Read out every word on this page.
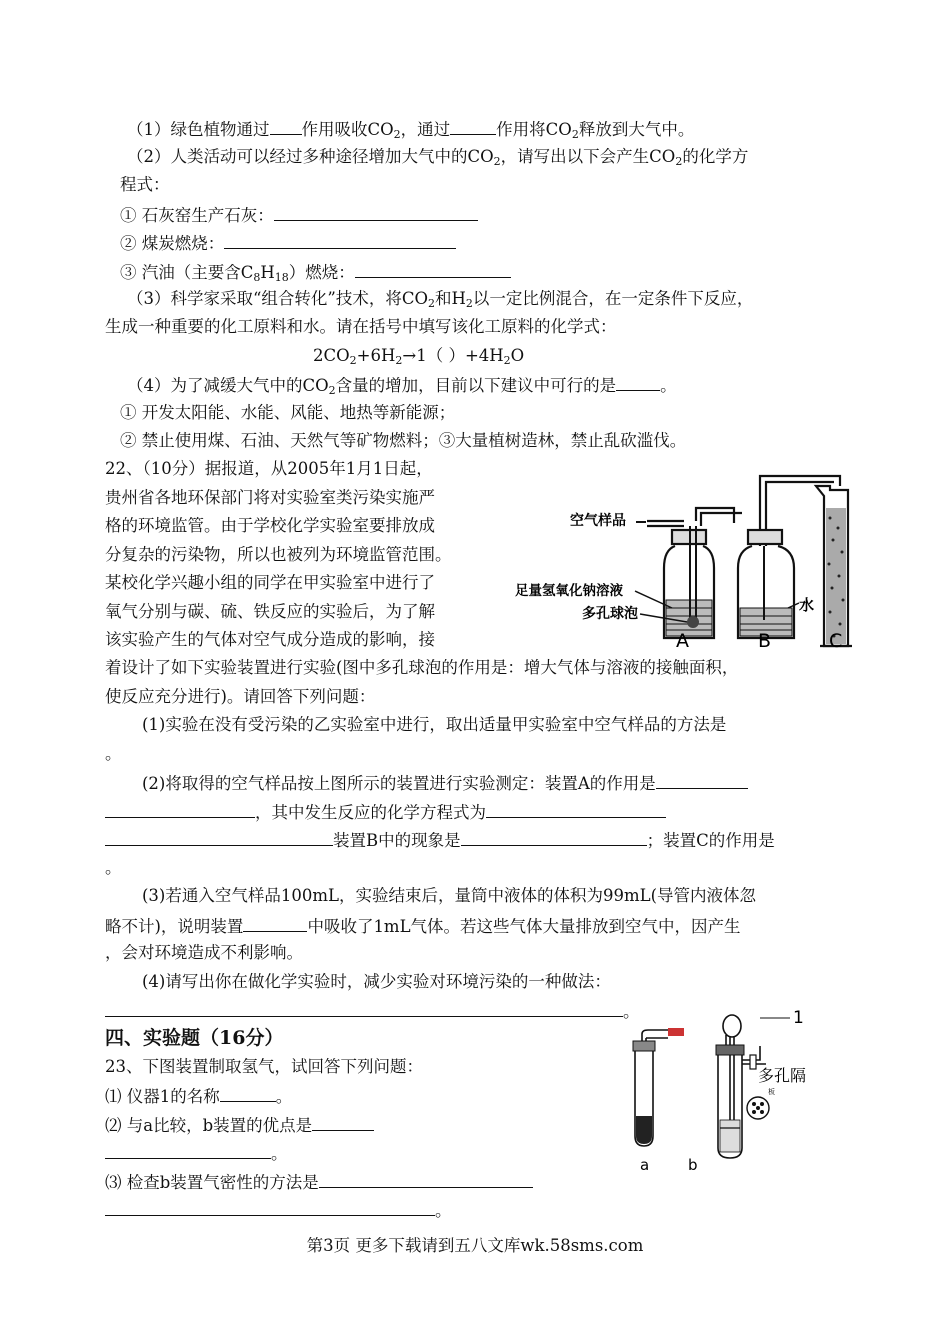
（1）绿色植物通过 作用吸收$CO_2$，通过	作用将$CO_2$释放到大气中。
（2）人类活动可以经过多种途径增加大气中的$CO_2$，请写出以下会产生$CO_2$的化学方
程式：
① 石灰窑生产石灰：
② 煤炭燃烧：
③ 汽油（主要含$C_8H_{18}$）燃烧：
（3）科学家采取“组合转化”技术，将$CO_2$和$H_2$以一定比例混合，在一定条件下反应，
生成一种重要的化工原料和水。请在括号中填写该化工原料的化学式：
$2CO_2+6H_2\to 1$（ ）$+4H_2O$
（4）为了减缓大气中的$CO_2$含量的增加，目前以下建议中可行的是	。
① 开发太阳能、水能、风能、地热等新能源；
② 禁止使用煤、石油、天然气等矿物燃料；③大量植树造林，禁止乱砍滥伐。
22、（10分）据报道，从2005年1月1日起，
贵州省各地环保部门将对实验室类污染实施严
格的环境监管。由于学校化学实验室要排放成
分复杂的污染物，所以也被列为环境监管范围。
某校化学兴趣小组的同学在甲实验室中进行了
氧气分别与碳、硫、铁反应的实验后，为了解
该实验产生的气体对空气成分造成的影响，接
空气样品
足量氢氧化钠溶液
多孔球泡	水
A	B	C
着设计了如下实验装置进行实验(图中多孔球泡的作用是：增大气体与溶液的接触面积，
使反应充分进行)。请回答下列问题：
(1)实验在没有受污染的乙实验室中进行，取出适量甲实验室中空气样品的方法是
。
(2)将取得的空气样品按上图所示的装置进行实验测定：装置A的作用是
，其中发生反应的化学方程式为
装置B中的现象是	；装置C的作用是
。
(3)若通入空气样品100mL，实验结束后，量筒中液体的体积为99mL(导管内液体忽
略不计)，说明装置	中吸收了1mL气体。若这些气体大量排放到空气中，因产生
，会对环境造成不利影响。
(4)请写出你在做化学实验时，减少实验对环境污染的一种做法：
。
四、实验题（16分）
23、下图装置制取氢气，试回答下列问题：
⑴ 仪器1的名称	。
⑵ 与a比较，b装置的优点是
。
⑶ 检查b装置气密性的方法是
。
1
多孔隔
板
a	b
第3页 更多下载请到五八文库wk.58sms.com
